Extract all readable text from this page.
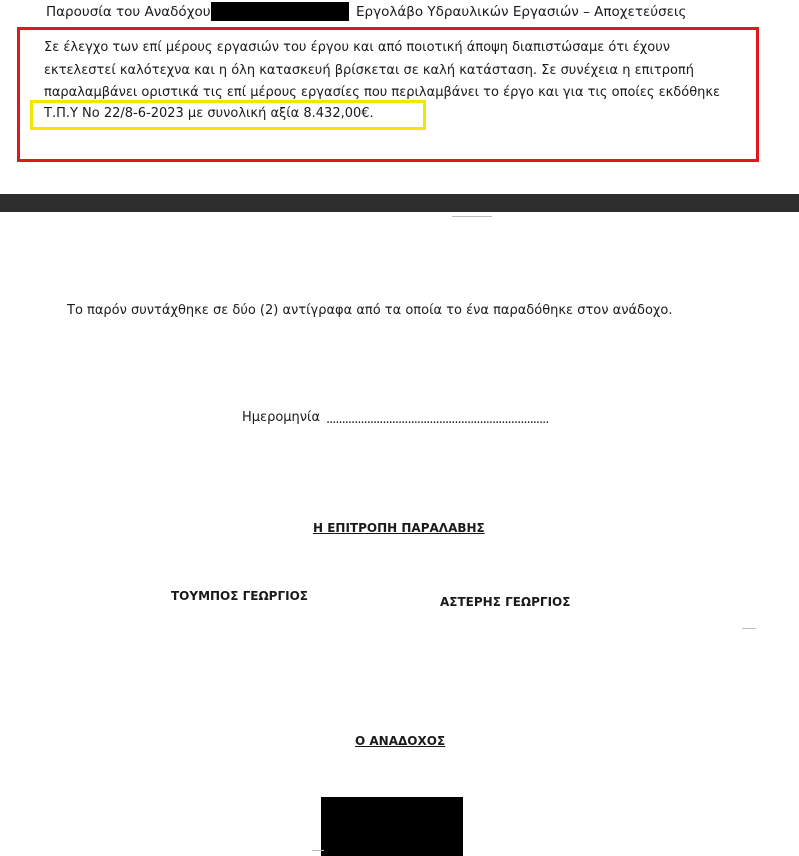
Παρουσία του Αναδόχου	Εργολάβο Υδραυλικών Εργασιών – Αποχετεύσεις
Σε έλεγχο των επί μέρους εργασιών του έργου και από ποιοτική άποψη διαπιστώσαμε ότι έχουν
εκτελεστεί καλότεχνα και η όλη κατασκευή βρίσκεται σε καλή κατάσταση. Σε συνέχεια η επιτροπή
παραλαμβάνει οριστικά τις επί μέρους εργασίες που περιλαμβάνει το έργο και για τις οποίες εκδόθηκε
Τ.Π.Υ Νο 22/8-6-2023 με συνολική αξία 8.432,00€.
Το παρόν συντάχθηκε σε δύο (2) αντίγραφα από τα οποία το ένα παραδόθηκε στον ανάδοχο.
Ημερομηνία .......................................................................
Η ΕΠΙΤΡΟΠΗ ΠΑΡΑΛΑΒΗΣ
ΤΟΥΜΠΟΣ ΓΕΩΡΓΙΟΣ	ΑΣΤΕΡΗΣ ΓΕΩΡΓΙΟΣ
Ο ΑΝΑΔΟΧΟΣ
